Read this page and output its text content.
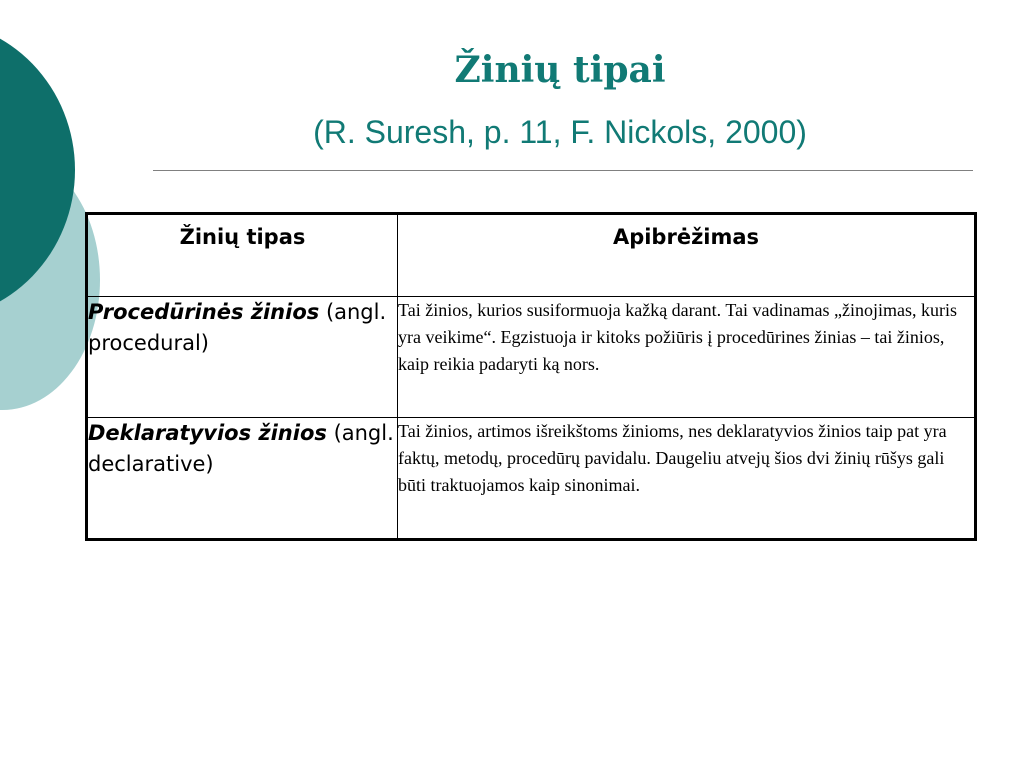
Žinių tipai

(R. Suresh, p. 11, F. Nickols, 2000)

Žinių tipas	Apibrėžimas
Procedūrinės žinios (angl. procedural)	Tai žinios, kurios susiformuoja kažką darant. Tai vadinamas „žinojimas, kuris yra veikime“. Egzistuoja ir kitoks požiūris į procedūrines žinias – tai žinios, kaip reikia padaryti ką nors.
Deklaratyvios žinios (angl. declarative)	Tai žinios, artimos išreikštoms žinioms, nes deklaratyvios žinios taip pat yra faktų, metodų, procedūrų pavidalu. Daugeliu atvejų šios dvi žinių rūšys gali būti traktuojamos kaip sinonimai.
